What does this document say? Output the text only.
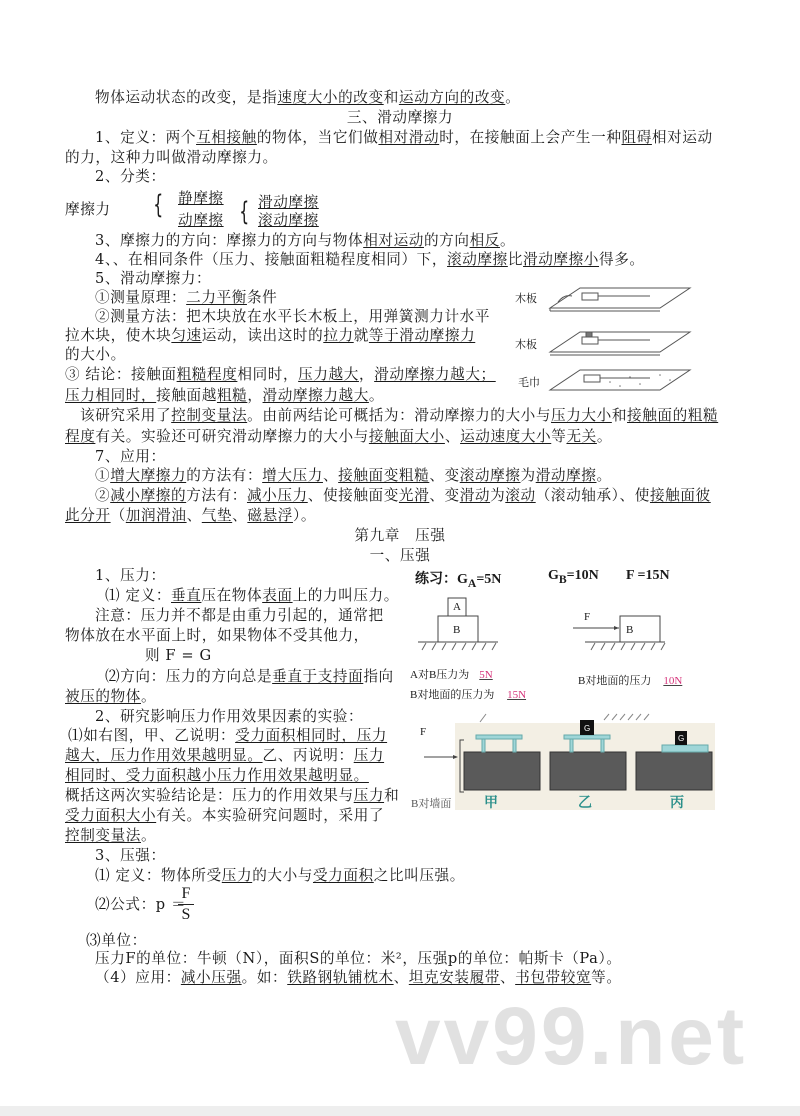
物体运动状态的改变，是指速度大小的改变和运动方向的改变。
三、滑动摩擦力
1、定义：两个互相接触的物体，当它们做相对滑动时，在接触面上会产生一种阻碍相对运动
的力，这种力叫做滑动摩擦力。
2、分类：
摩擦力 { 静摩擦
动摩擦 { 滑动摩擦
滚动摩擦
3、摩擦力的方向：摩擦力的方向与物体相对运动的方向相反。
4、、在相同条件（压力、接触面粗糙程度相同）下，滚动摩擦比滑动摩擦小得多。
5、滑动摩擦力：
①测量原理：二力平衡条件
②测量方法：把木块放在水平长木板上，用弹簧测力计水平
拉木块，使木块匀速运动，读出这时的拉力就等于滑动摩擦力
的大小。
③ 结论：接触面粗糙程度相同时，压力越大，滑动摩擦力越大；
压力相同时，接触面越粗糙，滑动摩擦力越大。
该研究采用了控制变量法。由前两结论可概括为：滑动摩擦力的大小与压力大小和接触面的粗糙
程度有关。实验还可研究滑动摩擦力的大小与接触面大小、运动速度大小等无关。
7、应用：
①增大摩擦力的方法有：增大压力、接触面变粗糙、变滚动摩擦为滑动摩擦。
②减小摩擦的方法有：减小压力、使接触面变光滑、变滑动为滚动（滚动轴承）、使接触面彼
此分开（加润滑油、气垫、磁悬浮）。
第九章　压强
一、压强
1、压力：
⑴ 定义：垂直压在物体表面上的力叫压力。
注意：压力并不都是由重力引起的，通常把
物体放在水平面上时，如果物体不受其他力，
则 F = G
⑵方向：压力的方向总是垂直于支持面指向
被压的物体。
2、研究影响压力作用效果因素的实验：
⑴如右图，甲、乙说明：受力面积相同时，压力
越大，压力作用效果越明显。乙、丙说明：压力
相同时、受力面积越小压力作用效果越明显。
概括这两次实验结论是：压力的作用效果与压力和
受力面积大小有关。本实验研究问题时，采用了
控制变量法。
3、压强：
⑴ 定义：物体所受压力的大小与受力面积之比叫压强。
⑵公式：p ＝
$\frac{F}{S}$
⑶单位：
压力F的单位：牛顿（N），面积S的单位：米²，压强p的单位：帕斯卡（Pa）。
（4）应用：减小压强。如：铁路钢轨铺枕木、坦克安装履带、书包带较宽等。
木板
木板
毛巾
练习：$G_A=5N$	$G_B=10N$ F =15N
A
B	B
F
A对B压力为 5N
B对地面的压力为 15N
B对地面的压力 10N
G
G
F
B对墙面 甲	乙	丙
vv99.net
